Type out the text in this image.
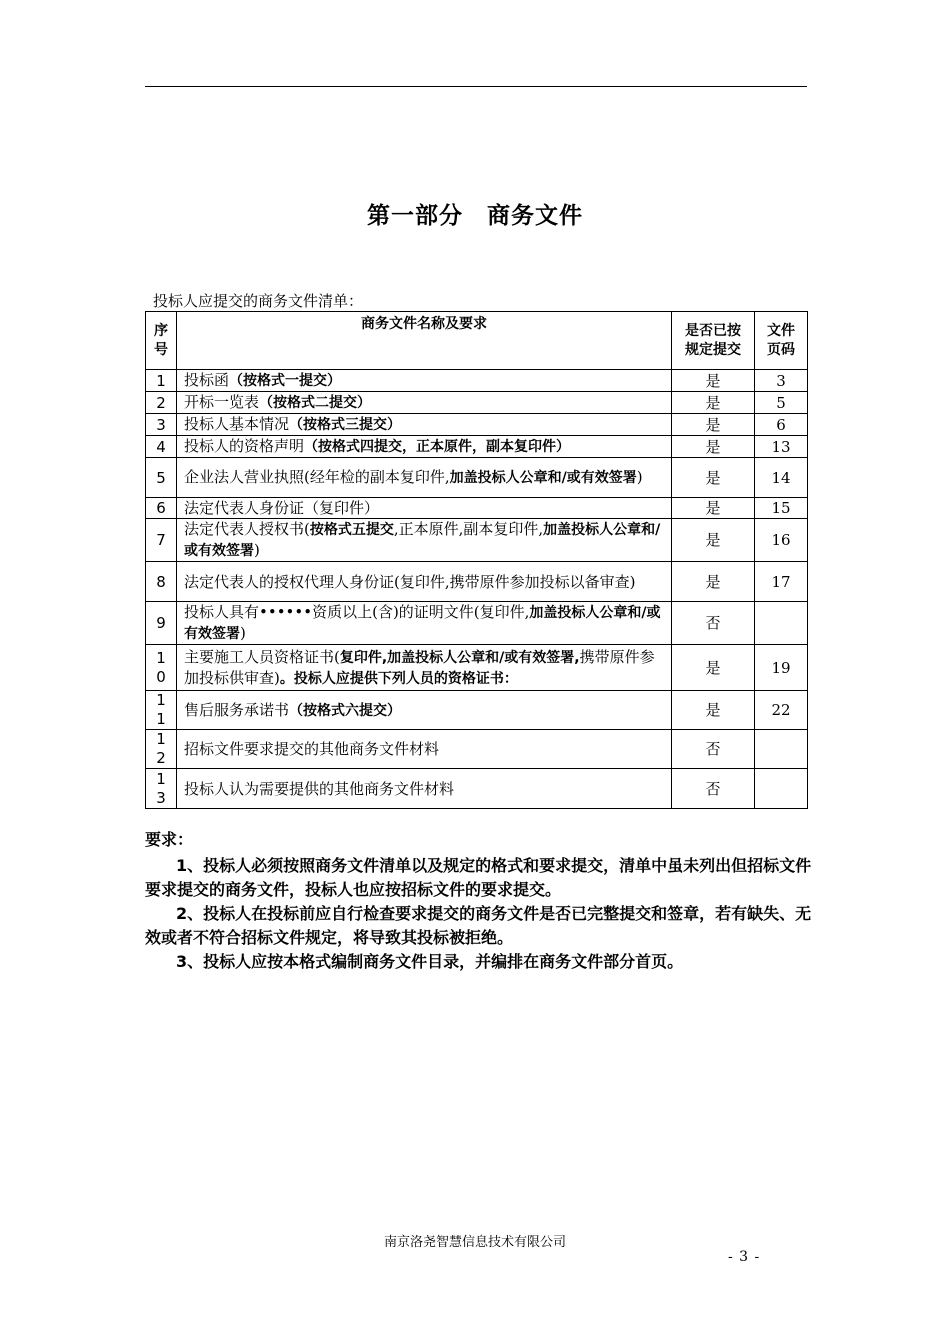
第一部分　商务文件
投标人应提交的商务文件清单：
序号	商务文件名称及要求	是否已按规定提交	文件页码
1	投标函（按格式一提交）	是	3
2	开标一览表（按格式二提交）	是	5
3	投标人基本情况（按格式三提交）	是	6
4	投标人的资格声明（按格式四提交，正本原件，副本复印件）	是	13
5	企业法人营业执照(经年检的副本复印件,加盖投标人公章和/或有效签署)	是	14
6	法定代表人身份证（复印件）	是	15
7	法定代表人授权书(按格式五提交,正本原件,副本复印件,加盖投标人公章和/或有效签署)	是	16
8	法定代表人的授权代理人身份证(复印件,携带原件参加投标以备审查)	是	17
9	投标人具有••••••资质以上(含)的证明文件(复印件,加盖投标人公章和/或有效签署)	否	
10	主要施工人员资格证书(复印件,加盖投标人公章和/或有效签署,携带原件参加投标供审查)。投标人应提供下列人员的资格证书：	是	19
11	售后服务承诺书（按格式六提交）	是	22
12	招标文件要求提交的其他商务文件材料	否	
13	投标人认为需要提供的其他商务文件材料	否	

要求：

1、投标人必须按照商务文件清单以及规定的格式和要求提交，清单中虽未列出但招标文件要求提交的商务文件，投标人也应按招标文件的要求提交。

2、投标人在投标前应自行检查要求提交的商务文件是否已完整提交和签章，若有缺失、无效或者不符合招标文件规定，将导致其投标被拒绝。

3、投标人应按本格式编制商务文件目录，并编排在商务文件部分首页。

南京洛尧智慧信息技术有限公司
- 3 -
